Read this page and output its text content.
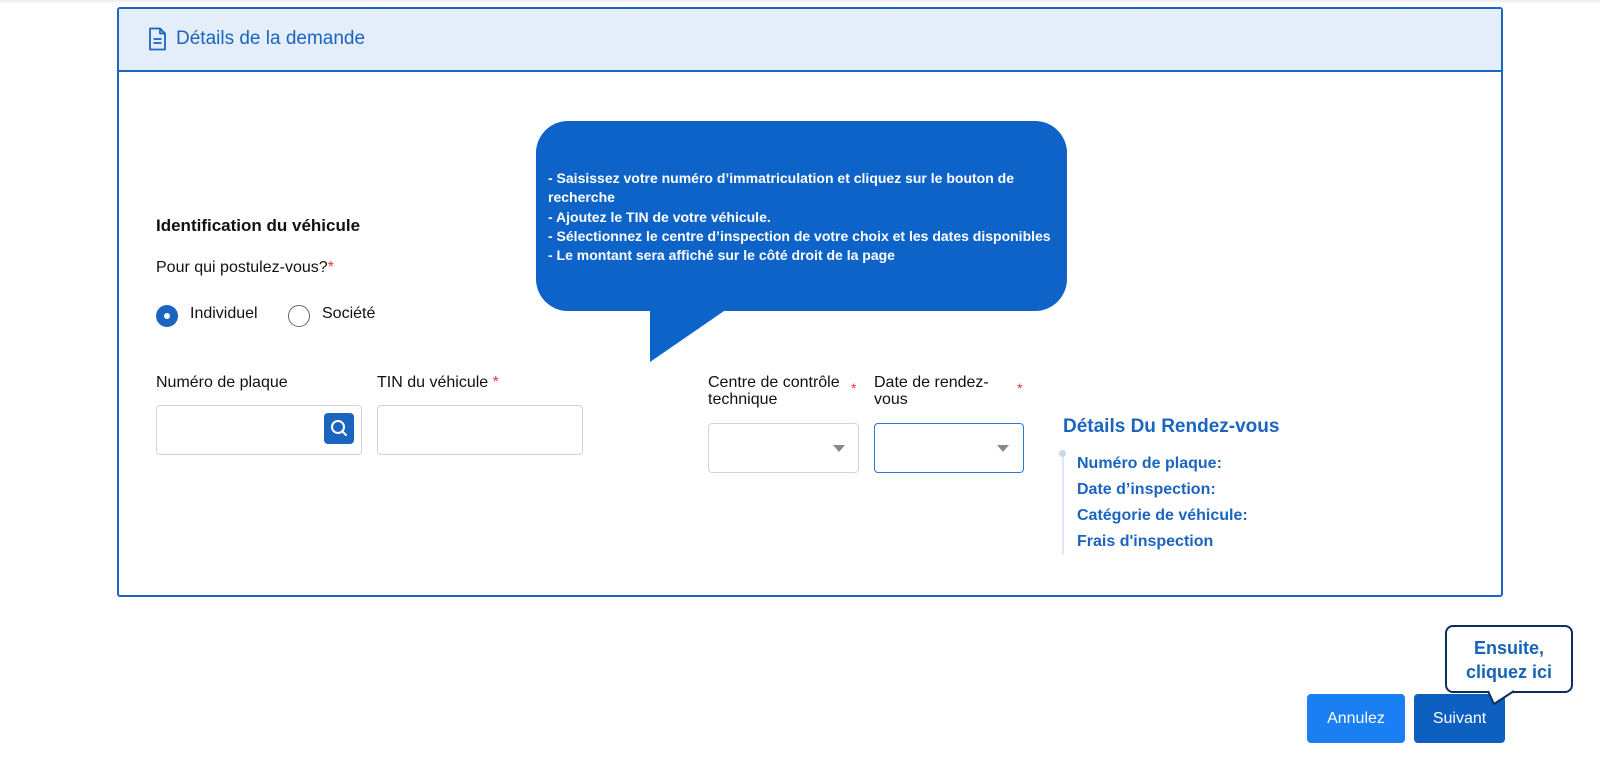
Détails de la demande
Identification du véhicule
Pour qui postulez-vous?*
Individuel	Société
Numéro de plaque	TIN du véhicule *	Centre de contrôle
technique
* Date de rendez-
vous
*
Détails Du Rendez-vous
Numéro de plaque:
Date d’inspection:
Catégorie de véhicule:
Frais d'inspection
- Saisissez votre numéro d’immatriculation et cliquez sur le bouton de recherche
- Ajoutez le TIN de votre véhicule.
- Sélectionnez le centre d’inspection de votre choix et les dates disponibles
- Le montant sera affiché sur le côté droit de la page
Annulez	Suivant
Ensuite,
cliquez ici
